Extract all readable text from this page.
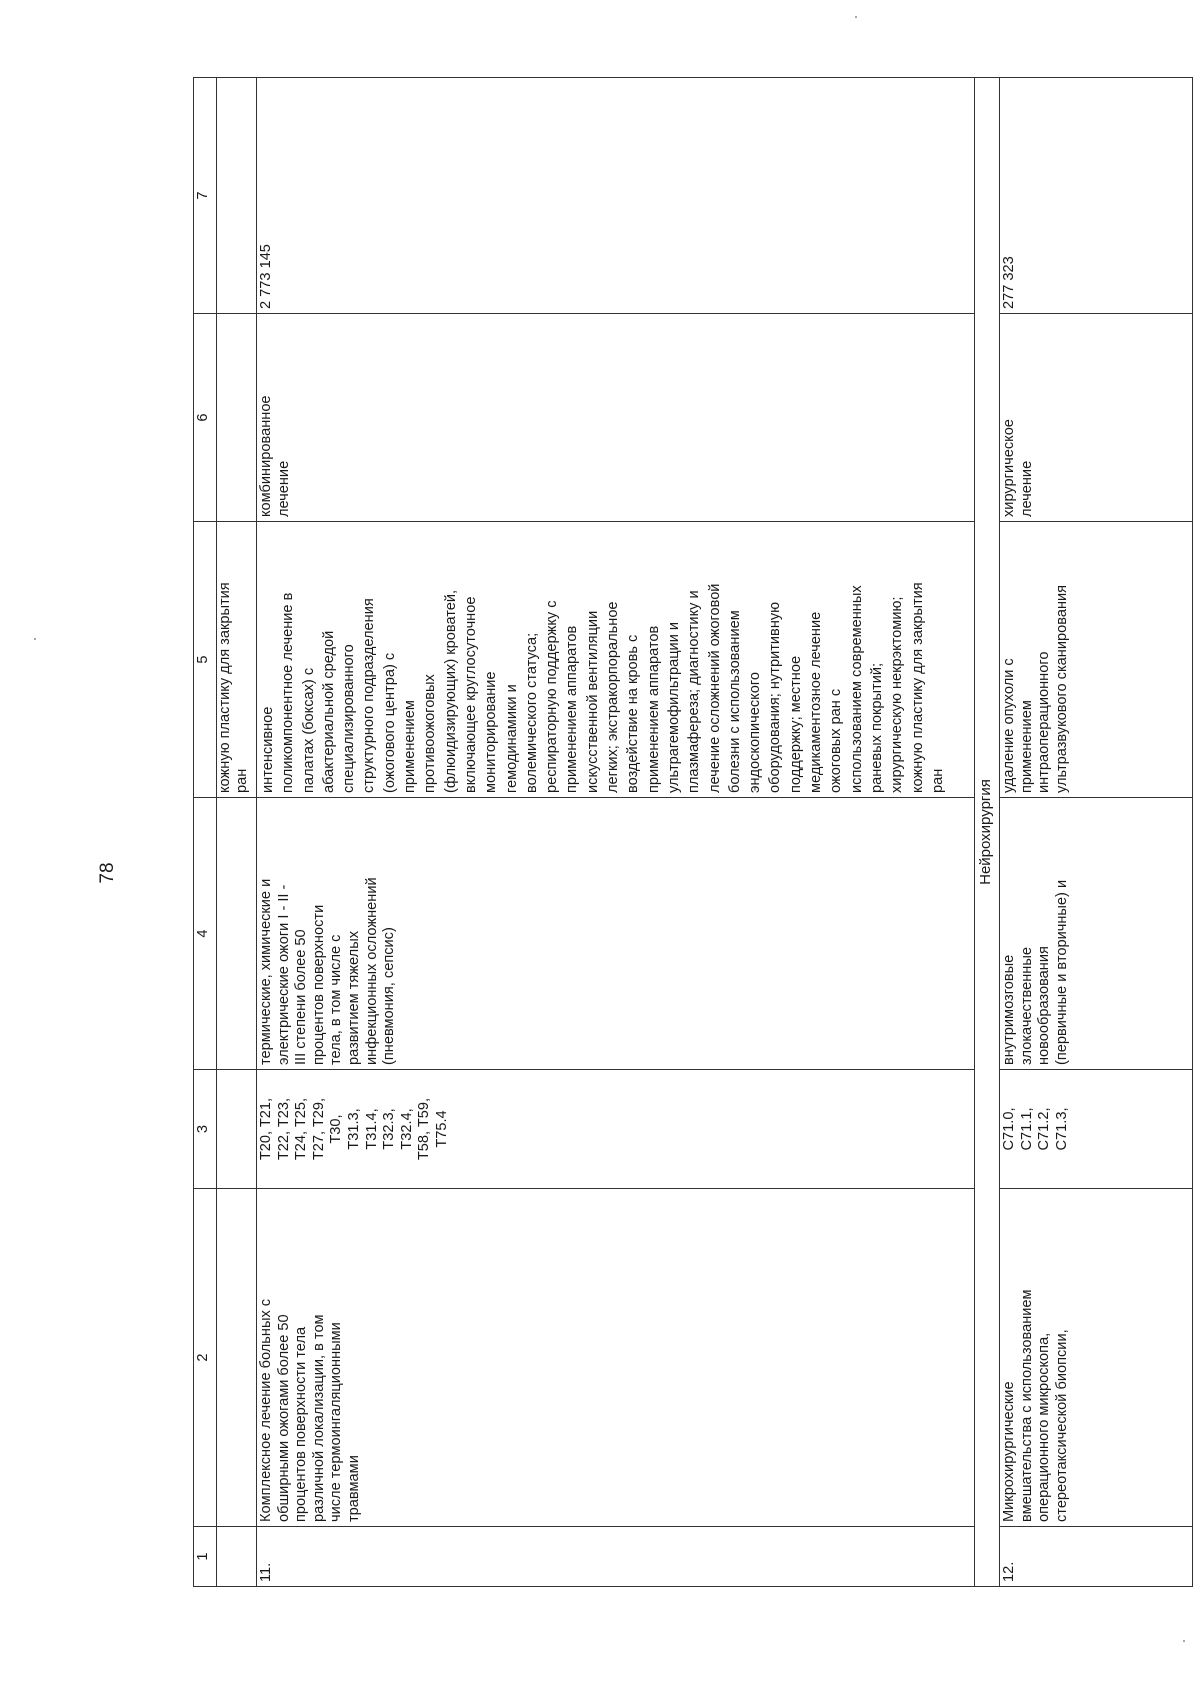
78
1
2
3
4
5
6
7
кожную пластику для закрытия
ран
11.
Комплексное лечение больных с
обширными ожогами более 50
процентов поверхности тела
различной локализации, в том
числе термоингаляционными
травмами
T20, T21,
T22, T23,
T24, T25,
T27, T29,
T30,
T31.3,
T31.4,
T32.3,
T32.4,
T58, T59,
T75.4
термические, химические и
электрические ожоги I - II -
III степени более 50
процентов поверхности
тела, в том числе с
развитием тяжелых
инфекционных осложнений
(пневмония, сепсис)
интенсивное
поликомпонентное лечение в
палатах (боксах) с
абактериальной средой
специализированного
структурного подразделения
(ожогового центра) с
применением
противоожоговых
(флюидизирующих) кроватей,
включающее круглосуточное
мониторирование
гемодинамики и
волемического статуса;
респираторную поддержку с
применением аппаратов
искусственной вентиляции
легких; экстракорпоральное
воздействие на кровь с
применением аппаратов
ультрагемофильтрации и
плазмафереза; диагностику и
лечение осложнений ожоговой
болезни с использованием
эндоскопического
оборудования; нутритивную
поддержку; местное
медикаментозное лечение
ожоговых ран с
использованием современных
раневых покрытий;
хирургическую некрэктомию;
кожную пластику для закрытия
ран
комбинированное
лечение
2 773 145
Нейрохирургия
12.
Микрохирургические
вмешательства с использованием
операционного микроскопа,
стереотаксической биопсии,
C71.0,
C71.1,
C71.2,
C71.3,
внутримозговые
злокачественные
новообразования
(первичные и вторичные) и
удаление опухоли с
применением
интраоперационного
ультразвукового сканирования
хирургическое
лечение
277 323
